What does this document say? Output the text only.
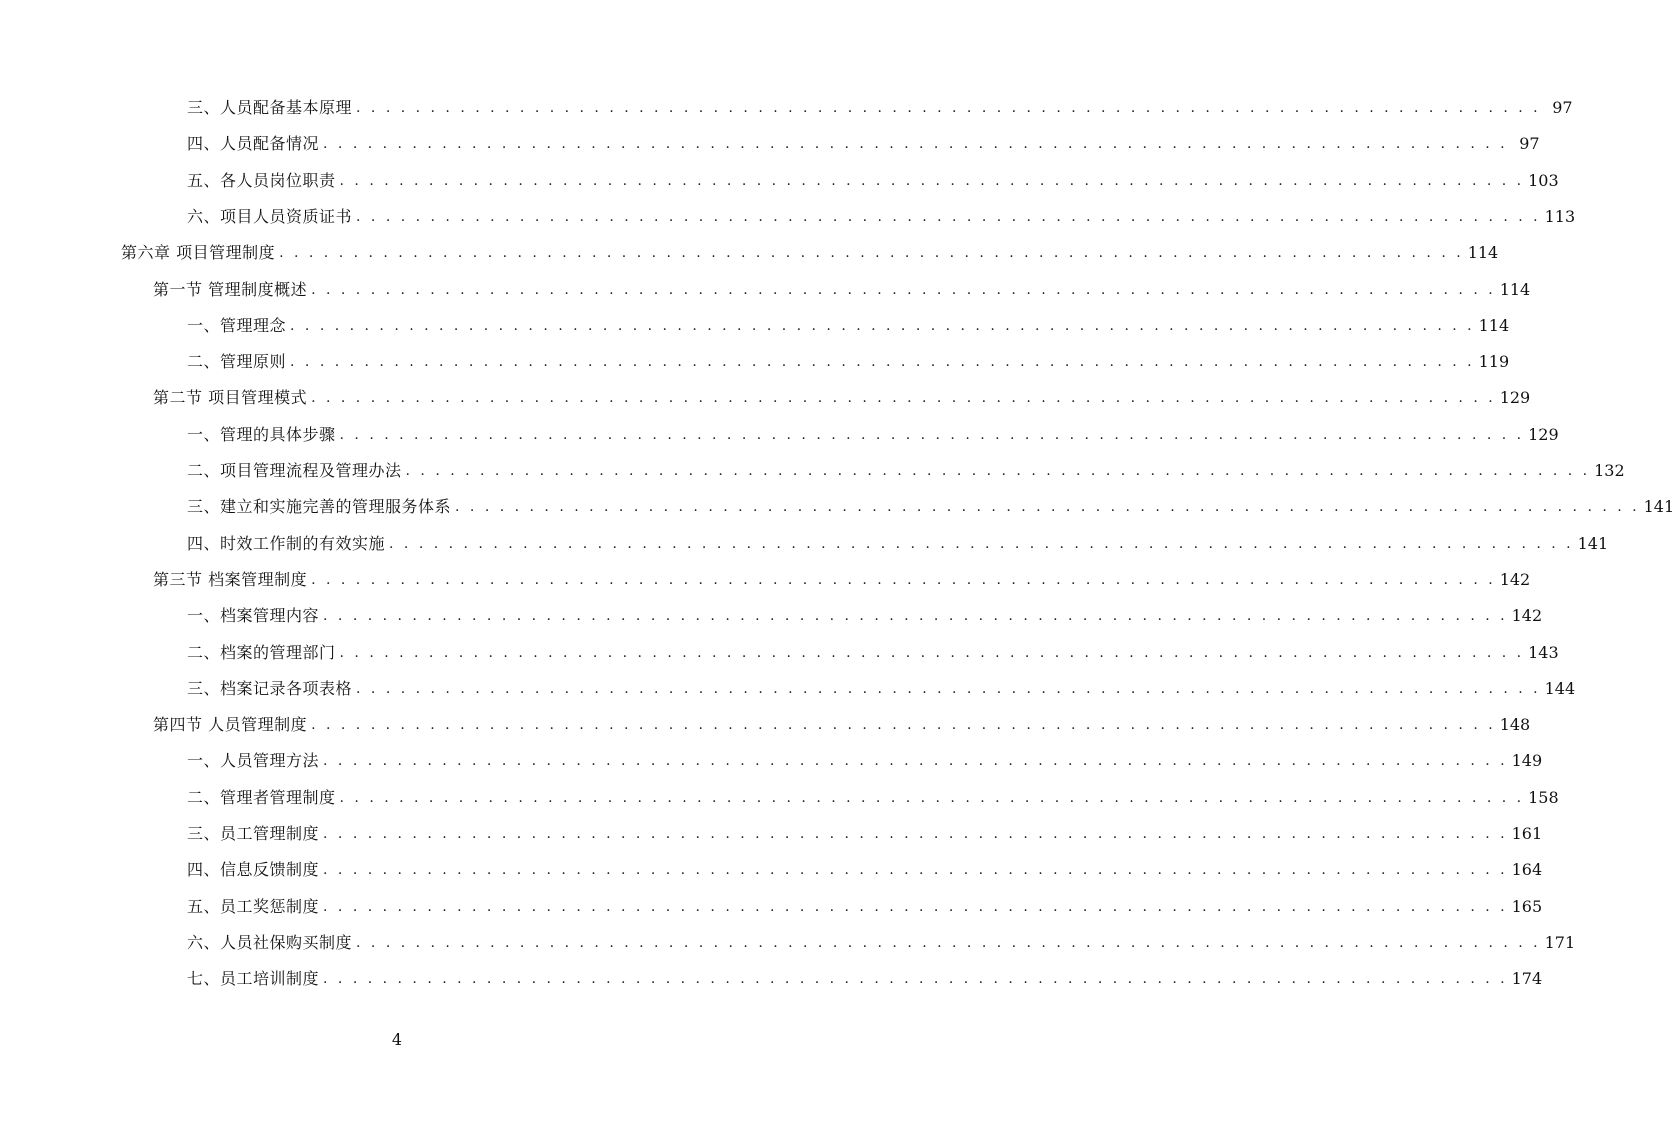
三、人员配备基本原理 . . . . . . . . . . . . . . . . . . . . . . . . . . . . . . . . . . . . . . . . . . . . . . . . . . . . . . . . . . . . . . . . . . . . . . . . . . . . . . . . 97
四、人员配备情况 . . . . . . . . . . . . . . . . . . . . . . . . . . . . . . . . . . . . . . . . . . . . . . . . . . . . . . . . . . . . . . . . . . . . . . . . . . . . . . . . 97
五、各人员岗位职责 . . . . . . . . . . . . . . . . . . . . . . . . . . . . . . . . . . . . . . . . . . . . . . . . . . . . . . . . . . . . . . . . . . . . . . . . . . . . . . . . 103
六、项目人员资质证书 . . . . . . . . . . . . . . . . . . . . . . . . . . . . . . . . . . . . . . . . . . . . . . . . . . . . . . . . . . . . . . . . . . . . . . . . . . . . . . . . 113
第六章 项目管理制度 . . . . . . . . . . . . . . . . . . . . . . . . . . . . . . . . . . . . . . . . . . . . . . . . . . . . . . . . . . . . . . . . . . . . . . . . . . . . . . . . 114
第一节 管理制度概述 . . . . . . . . . . . . . . . . . . . . . . . . . . . . . . . . . . . . . . . . . . . . . . . . . . . . . . . . . . . . . . . . . . . . . . . . . . . . . . . . 114
一、管理理念 . . . . . . . . . . . . . . . . . . . . . . . . . . . . . . . . . . . . . . . . . . . . . . . . . . . . . . . . . . . . . . . . . . . . . . . . . . . . . . . . 114
二、管理原则 . . . . . . . . . . . . . . . . . . . . . . . . . . . . . . . . . . . . . . . . . . . . . . . . . . . . . . . . . . . . . . . . . . . . . . . . . . . . . . . . 119
第二节 项目管理模式 . . . . . . . . . . . . . . . . . . . . . . . . . . . . . . . . . . . . . . . . . . . . . . . . . . . . . . . . . . . . . . . . . . . . . . . . . . . . . . . . 129
一、管理的具体步骤 . . . . . . . . . . . . . . . . . . . . . . . . . . . . . . . . . . . . . . . . . . . . . . . . . . . . . . . . . . . . . . . . . . . . . . . . . . . . . . . . 129
二、项目管理流程及管理办法 . . . . . . . . . . . . . . . . . . . . . . . . . . . . . . . . . . . . . . . . . . . . . . . . . . . . . . . . . . . . . . . . . . . . . . . . . . . . . . . . 132
三、建立和实施完善的管理服务体系 . . . . . . . . . . . . . . . . . . . . . . . . . . . . . . . . . . . . . . . . . . . . . . . . . . . . . . . . . . . . . . . . . . . . . . . . . . . . . . . . 141
四、时效工作制的有效实施 . . . . . . . . . . . . . . . . . . . . . . . . . . . . . . . . . . . . . . . . . . . . . . . . . . . . . . . . . . . . . . . . . . . . . . . . . . . . . . . . 141
第三节 档案管理制度 . . . . . . . . . . . . . . . . . . . . . . . . . . . . . . . . . . . . . . . . . . . . . . . . . . . . . . . . . . . . . . . . . . . . . . . . . . . . . . . . 142
一、档案管理内容 . . . . . . . . . . . . . . . . . . . . . . . . . . . . . . . . . . . . . . . . . . . . . . . . . . . . . . . . . . . . . . . . . . . . . . . . . . . . . . . . 142
二、档案的管理部门 . . . . . . . . . . . . . . . . . . . . . . . . . . . . . . . . . . . . . . . . . . . . . . . . . . . . . . . . . . . . . . . . . . . . . . . . . . . . . . . . 143
三、档案记录各项表格 . . . . . . . . . . . . . . . . . . . . . . . . . . . . . . . . . . . . . . . . . . . . . . . . . . . . . . . . . . . . . . . . . . . . . . . . . . . . . . . . 144
第四节 人员管理制度 . . . . . . . . . . . . . . . . . . . . . . . . . . . . . . . . . . . . . . . . . . . . . . . . . . . . . . . . . . . . . . . . . . . . . . . . . . . . . . . . 148
一、人员管理方法 . . . . . . . . . . . . . . . . . . . . . . . . . . . . . . . . . . . . . . . . . . . . . . . . . . . . . . . . . . . . . . . . . . . . . . . . . . . . . . . . 149
二、管理者管理制度 . . . . . . . . . . . . . . . . . . . . . . . . . . . . . . . . . . . . . . . . . . . . . . . . . . . . . . . . . . . . . . . . . . . . . . . . . . . . . . . . 158
三、员工管理制度 . . . . . . . . . . . . . . . . . . . . . . . . . . . . . . . . . . . . . . . . . . . . . . . . . . . . . . . . . . . . . . . . . . . . . . . . . . . . . . . . 161
四、信息反馈制度 . . . . . . . . . . . . . . . . . . . . . . . . . . . . . . . . . . . . . . . . . . . . . . . . . . . . . . . . . . . . . . . . . . . . . . . . . . . . . . . . 164
五、员工奖惩制度 . . . . . . . . . . . . . . . . . . . . . . . . . . . . . . . . . . . . . . . . . . . . . . . . . . . . . . . . . . . . . . . . . . . . . . . . . . . . . . . . 165
六、人员社保购买制度 . . . . . . . . . . . . . . . . . . . . . . . . . . . . . . . . . . . . . . . . . . . . . . . . . . . . . . . . . . . . . . . . . . . . . . . . . . . . . . . . 171
七、员工培训制度 . . . . . . . . . . . . . . . . . . . . . . . . . . . . . . . . . . . . . . . . . . . . . . . . . . . . . . . . . . . . . . . . . . . . . . . . . . . . . . . . 174
4
